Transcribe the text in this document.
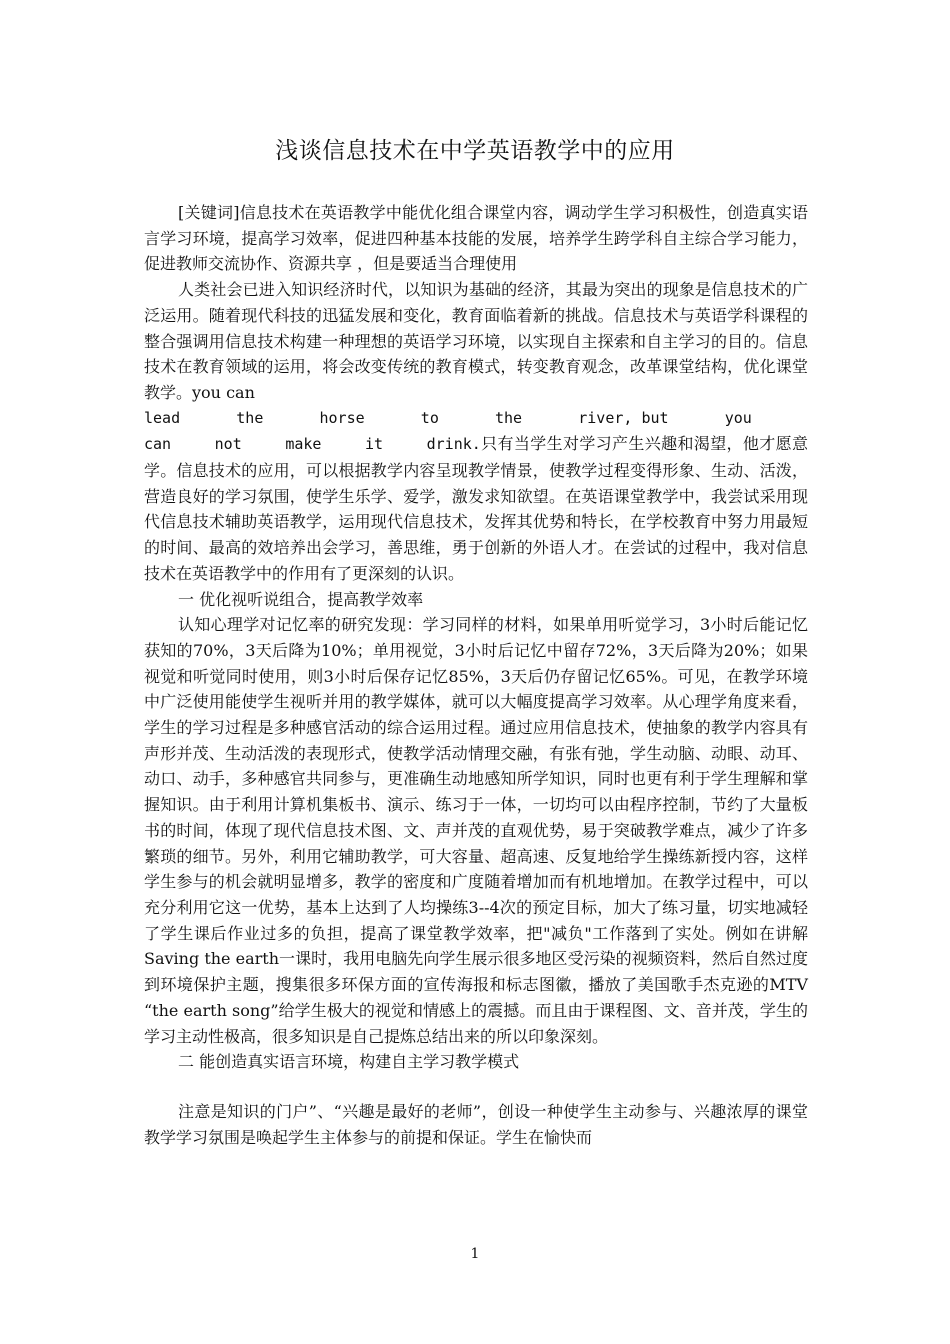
浅谈信息技术在中学英语教学中的应用

[关键词]信息技术在英语教学中能优化组合课堂内容，调动学生学习积极性，创造真实语言学习环境，提高学习效率，促进四种基本技能的发展，培养学生跨学科自主综合学习能力，促进教师交流协作、资源共享 ，但是要适当合理使用

人类社会已进入知识经济时代，以知识为基础的经济，其最为突出的现象是信息技术的广泛运用。随着现代科技的迅猛发展和变化，教育面临着新的挑战。信息技术与英语学科课程的整合强调用信息技术构建一种理想的英语学习环境，以实现自主探索和自主学习的目的。信息技术在教育领域的运用，将会改变传统的教育模式，转变教育观念，改革课堂结构，优化课堂教学。you can

lead	the	horse	to	the	river, but	you

can	not	make	it	drink.只有当学生对学习产生兴趣和渴望，他才愿意学。信息技术的应用，可以根据教学内容呈现教学情景，使教学过程变得形象、生动、活泼，营造良好的学习氛围，使学生乐学、爱学，激发求知欲望。在英语课堂教学中，我尝试采用现代信息技术辅助英语教学，运用现代信息技术，发挥其优势和特长，在学校教育中努力用最短的时间、最高的效培养出会学习，善思维，勇于创新的外语人才。在尝试的过程中，我对信息技术在英语教学中的作用有了更深刻的认识。

一 优化视听说组合，提高教学效率

认知心理学对记忆率的研究发现：学习同样的材料，如果单用听觉学习，3小时后能记忆获知的70%，3天后降为10%；单用视觉，3小时后记忆中留存72%，3天后降为20%；如果视觉和听觉同时使用，则3小时后保存记忆85%，3天后仍存留记忆65%。可见，在教学环境中广泛使用能使学生视听并用的教学媒体，就可以大幅度提高学习效率。从心理学角度来看，学生的学习过程是多种感官活动的综合运用过程。通过应用信息技术，使抽象的教学内容具有声形并茂、生动活泼的表现形式，使教学活动情理交融，有张有弛，学生动脑、动眼、动耳、动口、动手，多种感官共同参与，更准确生动地感知所学知识，同时也更有利于学生理解和掌握知识。由于利用计算机集板书、演示、练习于一体，一切均可以由程序控制，节约了大量板书的时间，体现了现代信息技术图、文、声并茂的直观优势，易于突破教学难点，减少了许多繁琐的细节。另外，利用它辅助教学，可大容量、超高速、反复地给学生操练新授内容，这样学生参与的机会就明显增多，教学的密度和广度随着增加而有机地增加。在教学过程中，可以充分利用它这一优势，基本上达到了人均操练3--4次的预定目标，加大了练习量，切实地减轻了学生课后作业过多的负担，提高了课堂教学效率，把"减负"工作落到了实处。例如在讲解Saving the earth一课时，我用电脑先向学生展示很多地区受污染的视频资料，然后自然过度到环境保护主题，搜集很多环保方面的宣传海报和标志图徽，播放了美国歌手杰克逊的MTV “the earth song”给学生极大的视觉和情感上的震撼。而且由于课程图、文、音并茂，学生的学习主动性极高，很多知识是自己提炼总结出来的所以印象深刻。

二 能创造真实语言环境，构建自主学习教学模式

注意是知识的门户”、“兴趣是最好的老师”，创设一种使学生主动参与、兴趣浓厚的课堂教学学习氛围是唤起学生主体参与的前提和保证。学生在愉快而

1
